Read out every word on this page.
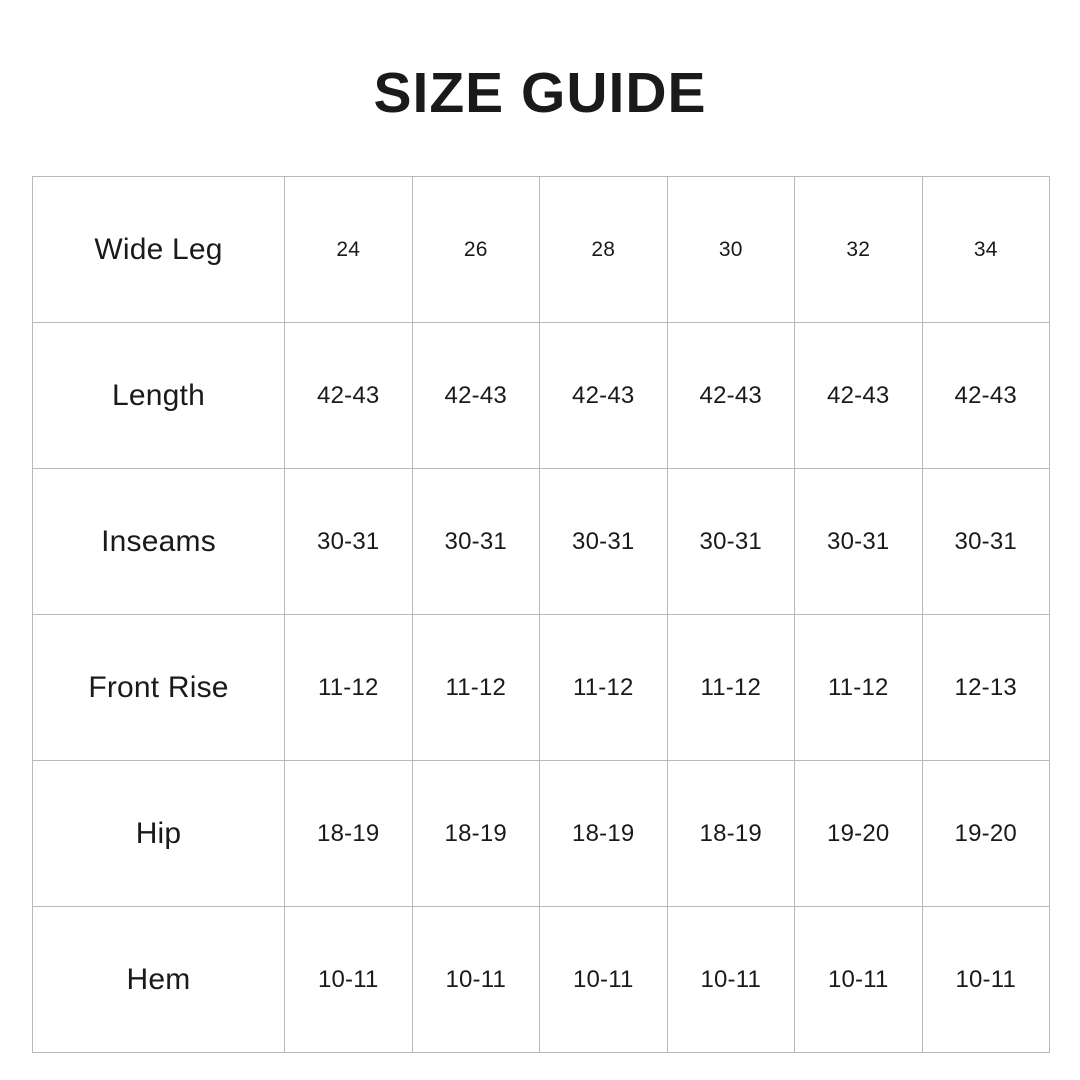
SIZE GUIDE
Wide Leg	24	26	28	30	32	34
Length	42-43	42-43	42-43	42-43	42-43	42-43
Inseams	30-31	30-31	30-31	30-31	30-31	30-31
Front Rise	11-12	11-12	11-12	11-12	11-12	12-13
Hip	18-19	18-19	18-19	18-19	19-20	19-20
Hem	10-11	10-11	10-11	10-11	10-11	10-11
